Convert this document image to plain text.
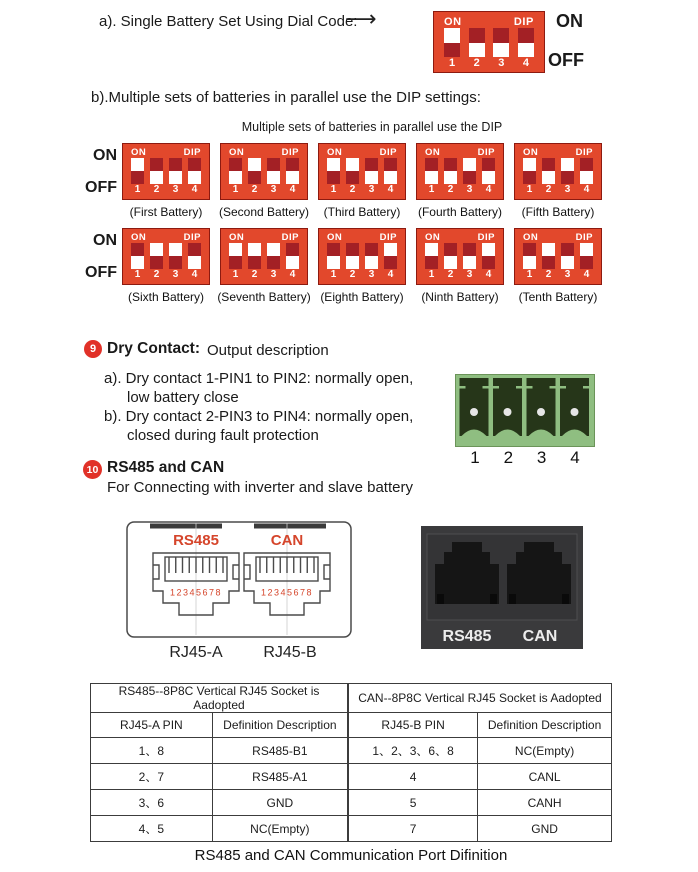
a). Single Battery Set Using Dial Code:
⟶	ON	DIP
1	2	3	4
ON
OFF
b).Multiple sets of batteries in parallel use the DIP settings:
Multiple sets of batteries in parallel use the DIP
ON
OFF
ON	DIP
1	2	3	4
(First Battery)
ON	DIP
1	2	3	4
(Second Battery)
ON	DIP
1	2	3	4
(Third Battery)
ON	DIP
1	2	3	4
(Fourth Battery)
ON	DIP
1	2	3	4
(Fifth Battery)
ON
OFF
ON	DIP
1	2	3	4
(Sixth Battery)
ON	DIP
1	2	3	4
(Seventh Battery)
ON	DIP
1	2	3	4
(Eighth Battery)
ON	DIP
1	2	3	4
(Ninth Battery)
ON	DIP
1	2	3	4
(Tenth Battery)
9 Dry Contact: Output description
a). Dry contact 1-PIN1 to PIN2: normally open,
low battery close
b). Dry contact 2-PIN3 to PIN4: normally open,
closed during fault protection
1	2	3	4
10 RS485 and CAN
For Connecting with inverter and slave battery
RS485	CAN
12345678	12345678
RJ45-A	RJ45-B
RS485 CAN
RS485--8P8C Vertical RJ45 Socket is Aadopted		CAN--8P8C Vertical RJ45 Socket is Aadopted	
RJ45-A PIN	Definition Description	RJ45-B PIN	Definition Description
1、8	RS485-B1	1、2、3、6、8	NC(Empty)
2、7	RS485-A1	4	CANL
3、6	GND	5	CANH
4、5	NC(Empty)	7	GND
RS485 and CAN Communication Port Difinition
